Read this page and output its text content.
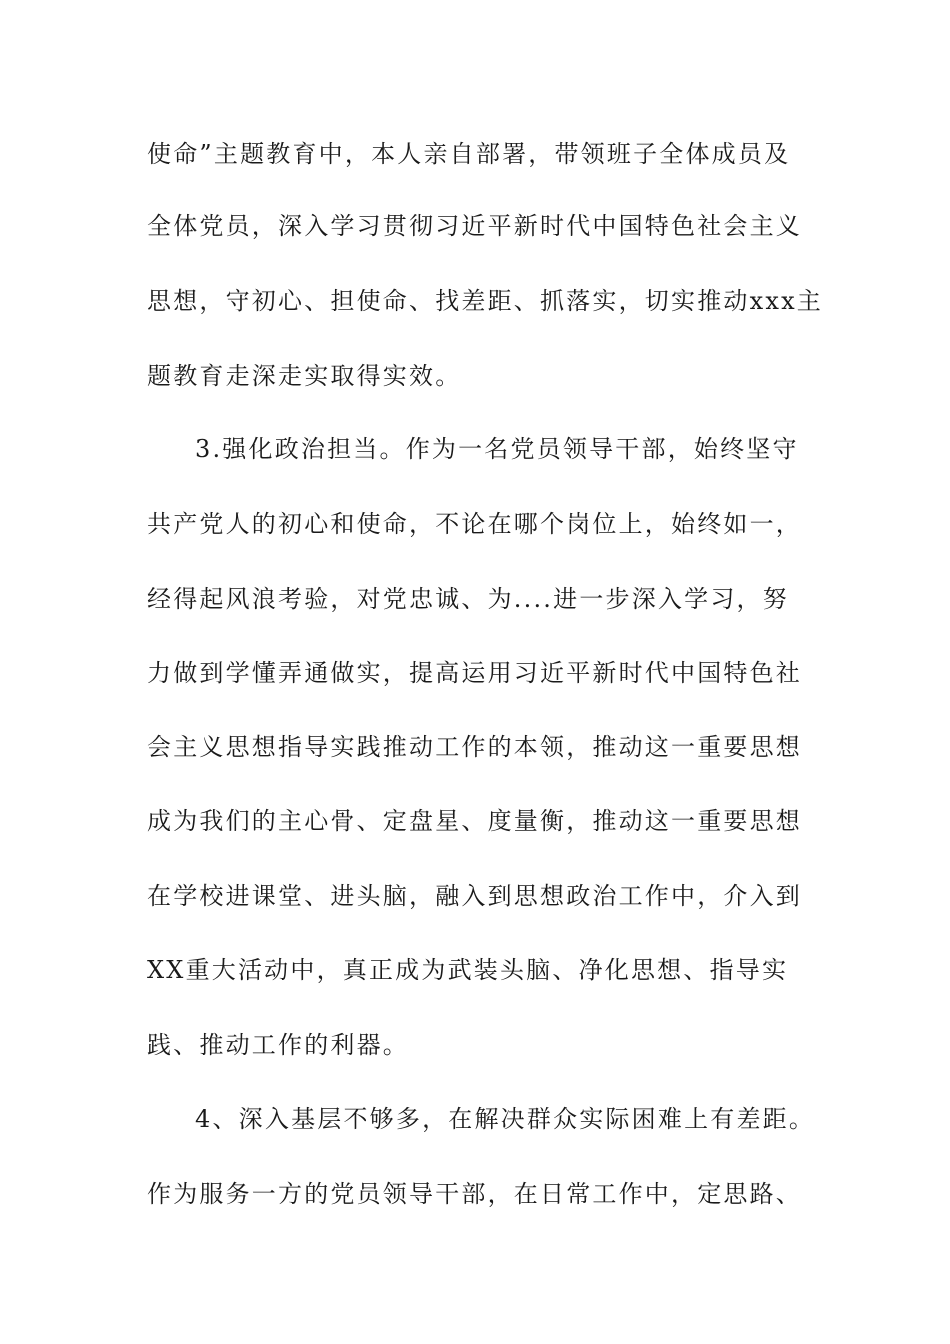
使命”主题教育中，本人亲自部署，带领班子全体成员及
全体党员，深入学习贯彻习近平新时代中国特色社会主义
思想，守初心、担使命、找差距、抓落实，切实推动xxx主
题教育走深走实取得实效。
3.强化政治担当。作为一名党员领导干部，始终坚守
共产党人的初心和使命，不论在哪个岗位上，始终如一，
经得起风浪考验，对党忠诚、为....进一步深入学习，努
力做到学懂弄通做实，提高运用习近平新时代中国特色社
会主义思想指导实践推动工作的本领，推动这一重要思想
成为我们的主心骨、定盘星、度量衡，推动这一重要思想
在学校进课堂、进头脑，融入到思想政治工作中，介入到
XX重大活动中，真正成为武装头脑、净化思想、指导实
践、推动工作的利器。
4、深入基层不够多，在解决群众实际困难上有差距。
作为服务一方的党员领导干部，在日常工作中，定思路、
